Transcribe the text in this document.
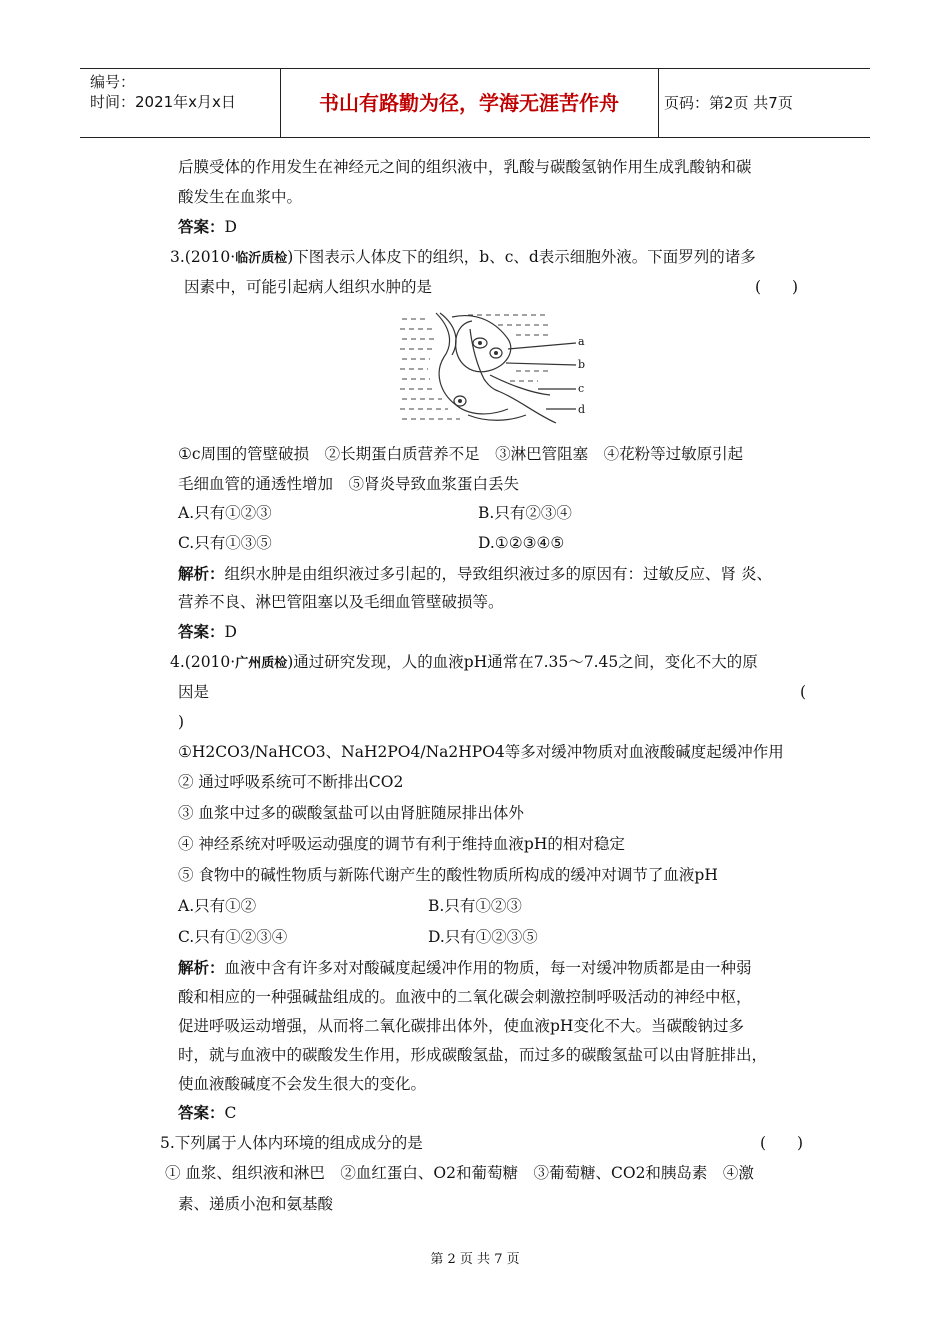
编号：
时间：2021年x月x日	书山有路勤为径，学海无涯苦作舟	页码：第2页 共7页
后膜受体的作用发生在神经元之间的组织液中，乳酸与碳酸氢钠作用生成乳酸钠和碳
酸发生在血浆中。
答案：D
3.(2010·临沂质检)下图表示人体皮下的组织，b、c、d表示细胞外液。下面罗列的诸多
因素中，可能引起病人组织水肿的是	(　　)
a
b
c
d
①c周围的管壁破损　②长期蛋白质营养不足　③淋巴管阻塞　④花粉等过敏原引起
毛细血管的通透性增加　⑤肾炎导致血浆蛋白丢失
A.只有①②③	B.只有②③④
C.只有①③⑤	D.①②③④⑤
解析：组织水肿是由组织液过多引起的，导致组织液过多的原因有：过敏反应、肾 炎、
营养不良、淋巴管阻塞以及毛细血管壁破损等。
答案：D
4.(2010·广州质检)通过研究发现，人的血液pH通常在7.35～7.45之间，变化不大的原
因是	(
)
①H2CO3/NaHCO3、NaH2PO4/Na2HPO4等多对缓冲物质对血液酸碱度起缓冲作用
② 通过呼吸系统可不断排出CO2
③ 血浆中过多的碳酸氢盐可以由肾脏随尿排出体外
④ 神经系统对呼吸运动强度的调节有利于维持血液pH的相对稳定
⑤ 食物中的碱性物质与新陈代谢产生的酸性物质所构成的缓冲对调节了血液pH
A.只有①②	B.只有①②③
C.只有①②③④	D.只有①②③⑤
解析：血液中含有许多对对酸碱度起缓冲作用的物质，每一对缓冲物质都是由一种弱
酸和相应的一种强碱盐组成的。血液中的二氧化碳会刺激控制呼吸活动的神经中枢，
促进呼吸运动增强，从而将二氧化碳排出体外，使血液pH变化不大。当碳酸钠过多
时，就与血液中的碳酸发生作用，形成碳酸氢盐，而过多的碳酸氢盐可以由肾脏排出，
使血液酸碱度不会发生很大的变化。
答案：C
5.下列属于人体内环境的组成成分的是	(　　)
① 血浆、组织液和淋巴　②血红蛋白、O2和葡萄糖　③葡萄糖、CO2和胰岛素　④激
素、递质小泡和氨基酸
第 2 页 共 7 页
